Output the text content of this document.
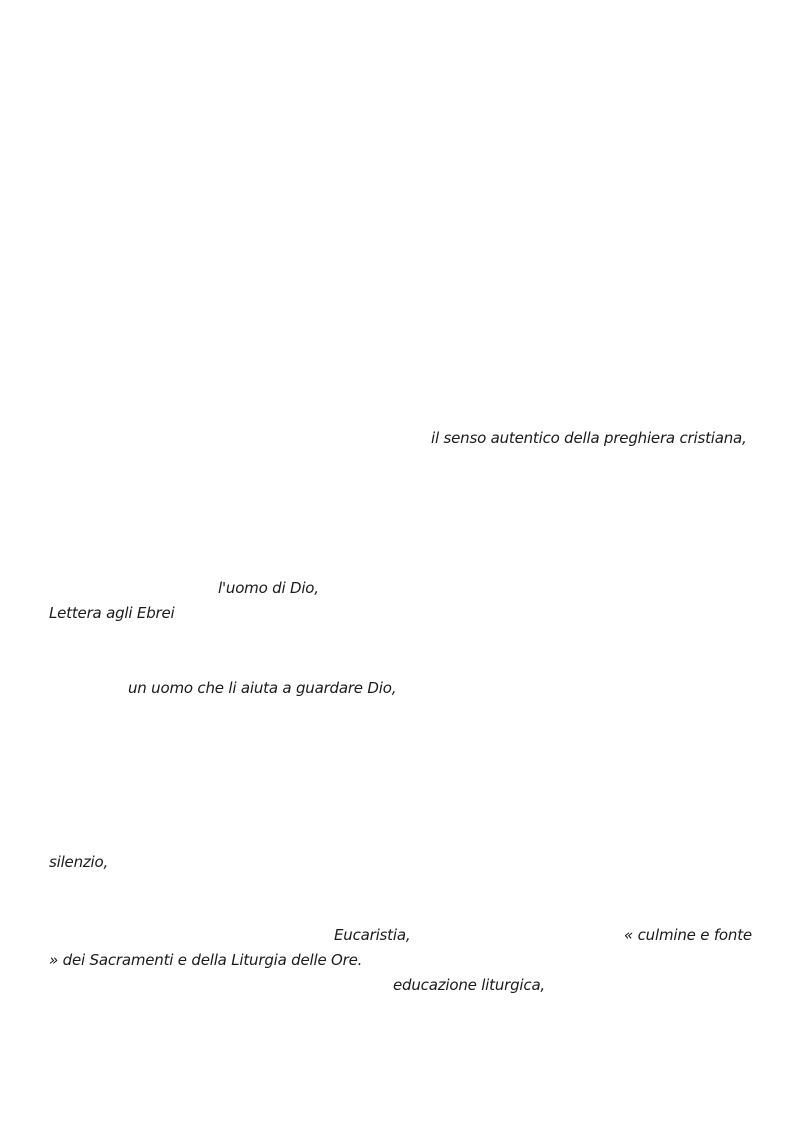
il senso autentico della preghiera cristiana,
l'uomo di Dio,
Lettera agli Ebrei
un uomo che li aiuta a guardare Dio,
silenzio,
Eucaristia,	« culmine e fonte
» dei Sacramenti e della Liturgia delle Ore.
educazione liturgica,
